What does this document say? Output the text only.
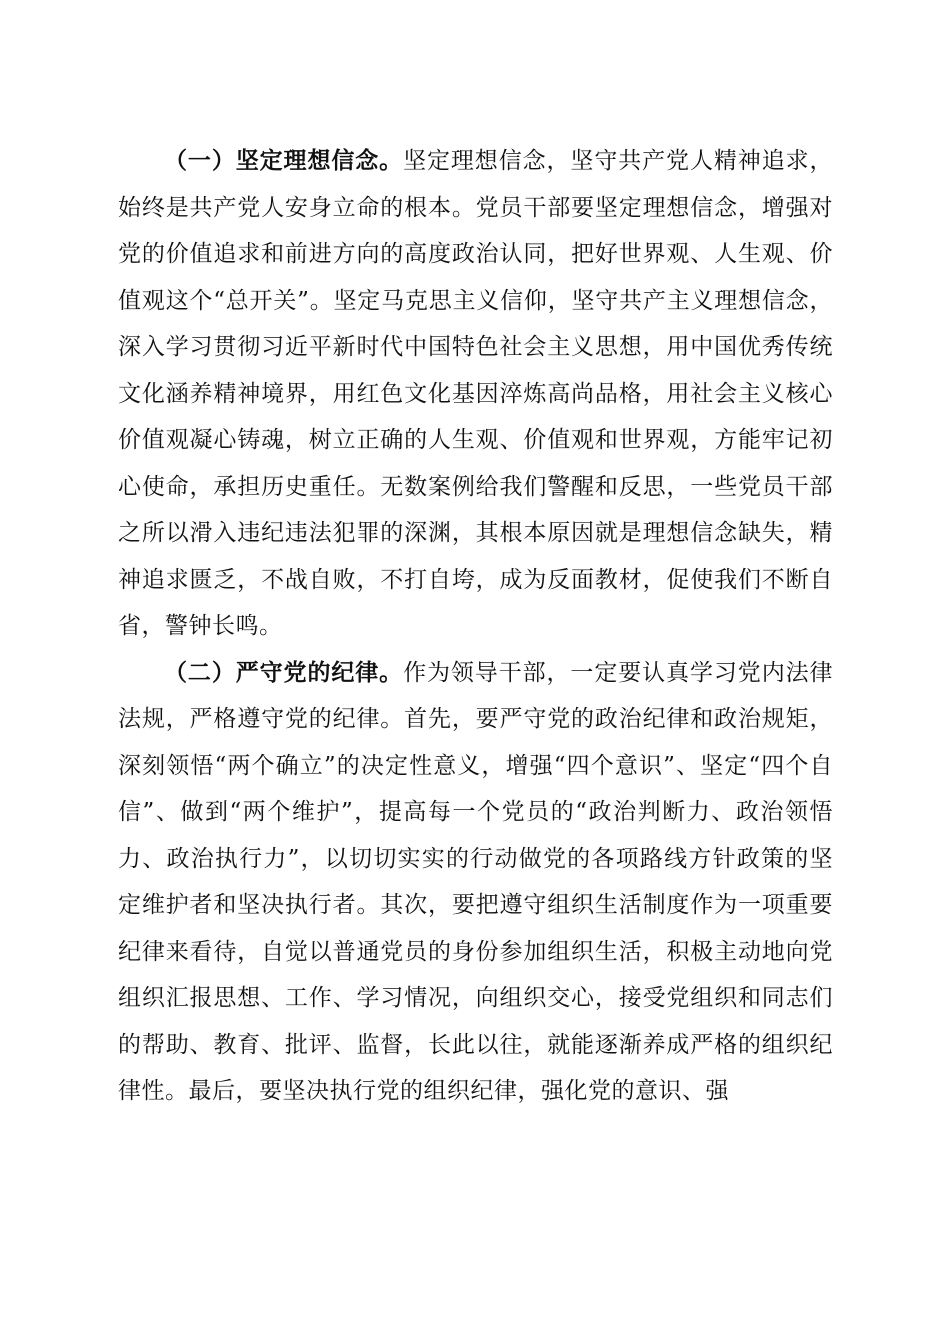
（一）坚定理想信念。坚定理想信念，坚守共产党人精神追求，始终是共产党人安身立命的根本。党员干部要坚定理想信念，增强对党的价值追求和前进方向的高度政治认同，把好世界观、人生观、价值观这个“总开关”。坚定马克思主义信仰，坚守共产主义理想信念，深入学习贯彻习近平新时代中国特色社会主义思想，用中国优秀传统文化涵养精神境界，用红色文化基因淬炼高尚品格，用社会主义核心价值观凝心铸魂，树立正确的人生观、价值观和世界观，方能牢记初心使命，承担历史重任。无数案例给我们警醒和反思，一些党员干部之所以滑入违纪违法犯罪的深渊，其根本原因就是理想信念缺失，精神追求匮乏，不战自败，不打自垮，成为反面教材，促使我们不断自省，警钟长鸣。

（二）严守党的纪律。作为领导干部，一定要认真学习党内法律法规，严格遵守党的纪律。首先，要严守党的政治纪律和政治规矩，深刻领悟“两个确立”的决定性意义，增强“四个意识”、坚定“四个自信”、做到“两个维护”，提高每一个党员的“政治判断力、政治领悟力、政治执行力”，以切切实实的行动做党的各项路线方针政策的坚定维护者和坚决执行者。其次，要把遵守组织生活制度作为一项重要纪律来看待，自觉以普通党员的身份参加组织生活，积极主动地向党组织汇报思想、工作、学习情况，向组织交心，接受党组织和同志们的帮助、教育、批评、监督，长此以往，就能逐渐养成严格的组织纪律性。最后，要坚决执行党的组织纪律，强化党的意识、强
